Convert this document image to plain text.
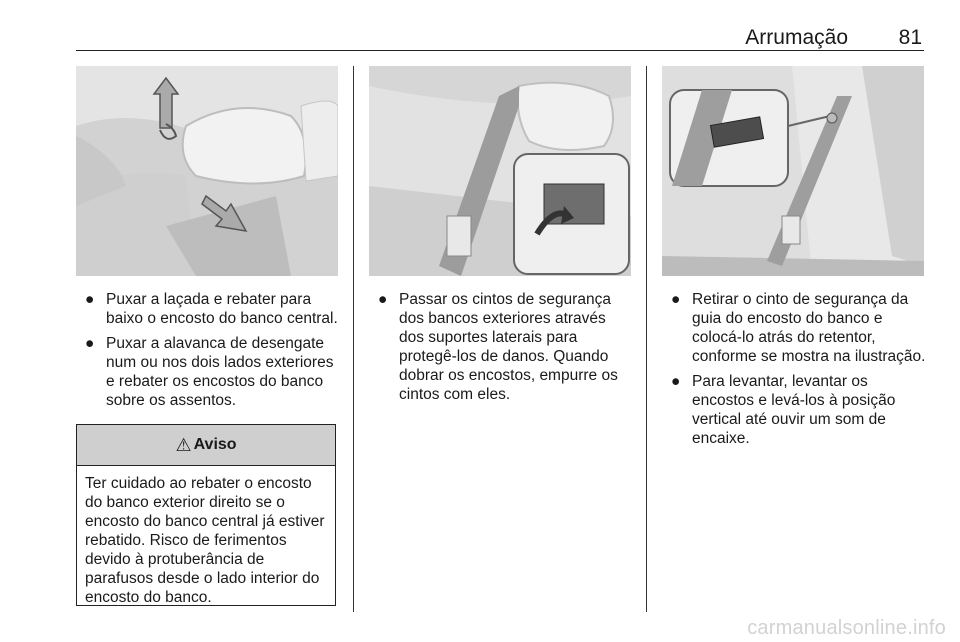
Arrumação	81
● Puxar a laçada e rebater para baixo o encosto do banco central.
● Puxar a alavanca de desengate num ou nos dois lados exteriores e rebater os encostos do banco sobre os assentos.
⚠ Aviso
Ter cuidado ao rebater o encosto do banco exterior direito se o encosto do banco central já estiver rebatido. Risco de ferimentos devido à protuberância de parafusos desde o lado interior do encosto do banco.
● Passar os cintos de segurança dos bancos exteriores através dos suportes laterais para protegê-los de danos. Quando dobrar os encostos, empurre os cintos com eles.
● Retirar o cinto de segurança da guia do encosto do banco e colocá-lo atrás do retentor, conforme se mostra na ilustração.
● Para levantar, levantar os encostos e levá-los à posição vertical até ouvir um som de encaixe.
carmanualsonline.info
